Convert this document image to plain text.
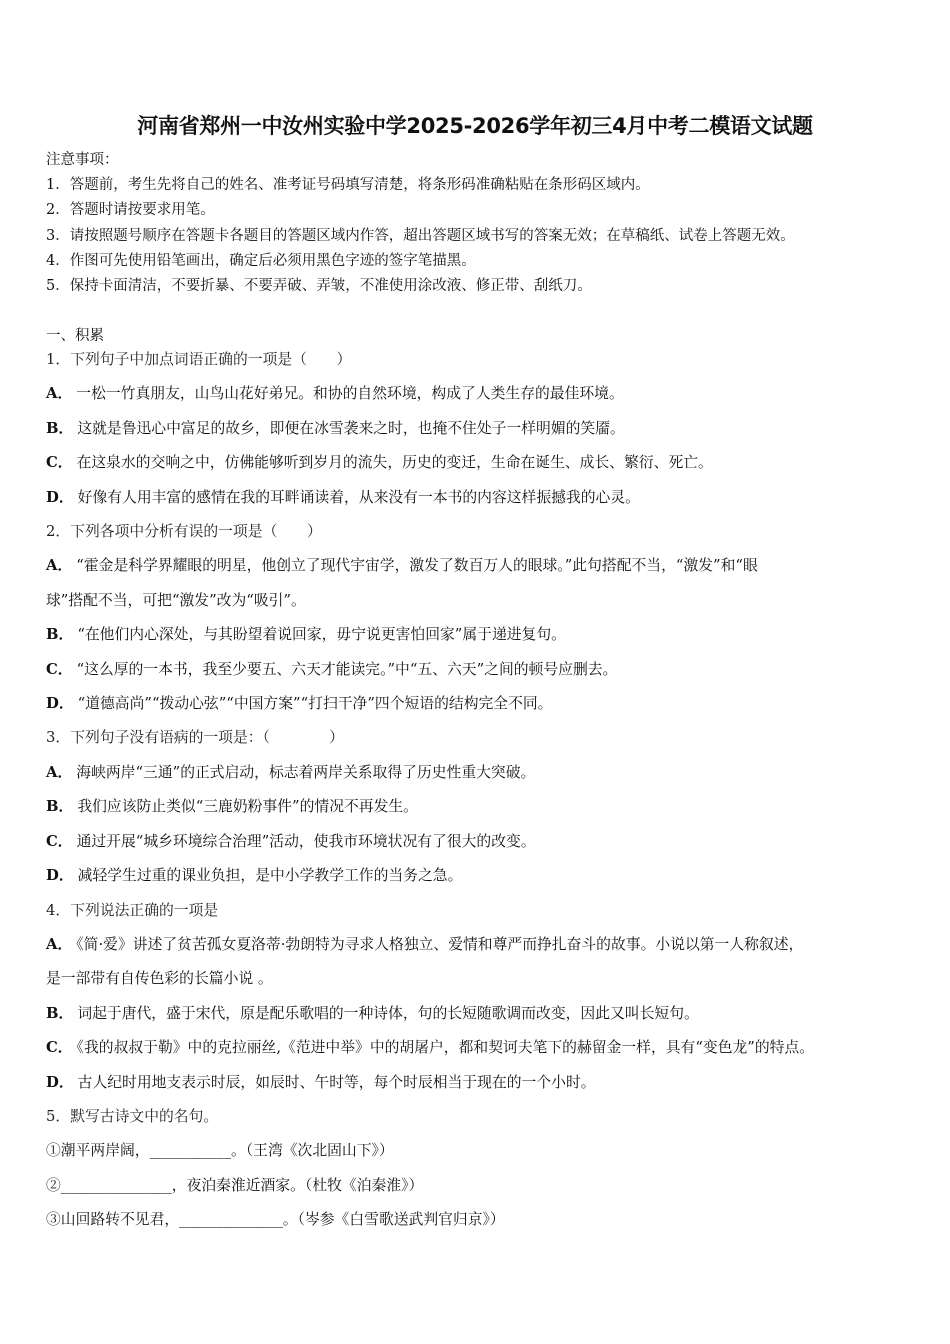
河南省郑州一中汝州实验中学2025-2026学年初三4月中考二模语文试题
注意事项：
1．答题前，考生先将自己的姓名、准考证号码填写清楚，将条形码准确粘贴在条形码区域内。
2．答题时请按要求用笔。
3．请按照题号顺序在答题卡各题目的答题区域内作答，超出答题区域书写的答案无效；在草稿纸、试卷上答题无效。
4．作图可先使用铅笔画出，确定后必须用黑色字迹的签字笔描黑。
5．保持卡面清洁，不要折暴、不要弄破、弄皱，不准使用涂改液、修正带、刮纸刀。
一、积累
1．下列句子中加点词语正确的一项是（　　）
A． 一松一竹真朋友，山鸟山花好弟兄。和协的自然环境，构成了人类生存的最佳环境。
B． 这就是鲁迅心中富足的故乡，即便在冰雪袭来之时，也掩不住处子一样明媚的笑靥。
C． 在这泉水的交响之中，仿佛能够听到岁月的流失，历史的变迁，生命在诞生、成长、繁衍、死亡。
D． 好像有人用丰富的感情在我的耳畔诵读着，从来没有一本书的内容这样振撼我的心灵。
2．下列各项中分析有误的一项是（　　）
A． “霍金是科学界耀眼的明星，他创立了现代宇宙学，激发了数百万人的眼球。”此句搭配不当，“激发”和“眼
球”搭配不当，可把“激发”改为“吸引”。
B． “在他们内心深处，与其盼望着说回家，毋宁说更害怕回家”属于递进复句。
C． “这么厚的一本书，我至少要五、六天才能读完。”中“五、六天”之间的顿号应删去。
D． “道德高尚”“拨动心弦”“中国方案”“打扫干净”四个短语的结构完全不同。
3．下列句子没有语病的一项是：（　　　　）
A． 海峡两岸“三通”的正式启动，标志着两岸关系取得了历史性重大突破。
B． 我们应该防止类似“三鹿奶粉事件”的情况不再发生。
C． 通过开展“城乡环境综合治理”活动，使我市环境状况有了很大的改变。
D． 减轻学生过重的课业负担，是中小学教学工作的当务之急。
4．下列说法正确的一项是
A． 《简·爱》讲述了贫苦孤女夏洛蒂·勃朗特为寻求人格独立、爱情和尊严而挣扎奋斗的故事。小说以第一人称叙述，
是一部带有自传色彩的长篇小说 。
B． 词起于唐代，盛于宋代，原是配乐歌唱的一种诗体，句的长短随歌调而改变，因此又叫长短句。
C． 《我的叔叔于勒》中的克拉丽丝,《范进中举》中的胡屠户，都和契诃夫笔下的赫留金一样，具有“变色龙”的特点。
D． 古人纪时用地支表示时辰，如辰时、午时等，每个时辰相当于现在的一个小时。
5．默写古诗文中的名句。
①潮平两岸阔，___________。（王湾《次北固山下》）
②_______________，夜泊秦淮近酒家。（杜牧《泊秦淮》）
③山回路转不见君，______________。（岑参《白雪歌送武判官归京》）
